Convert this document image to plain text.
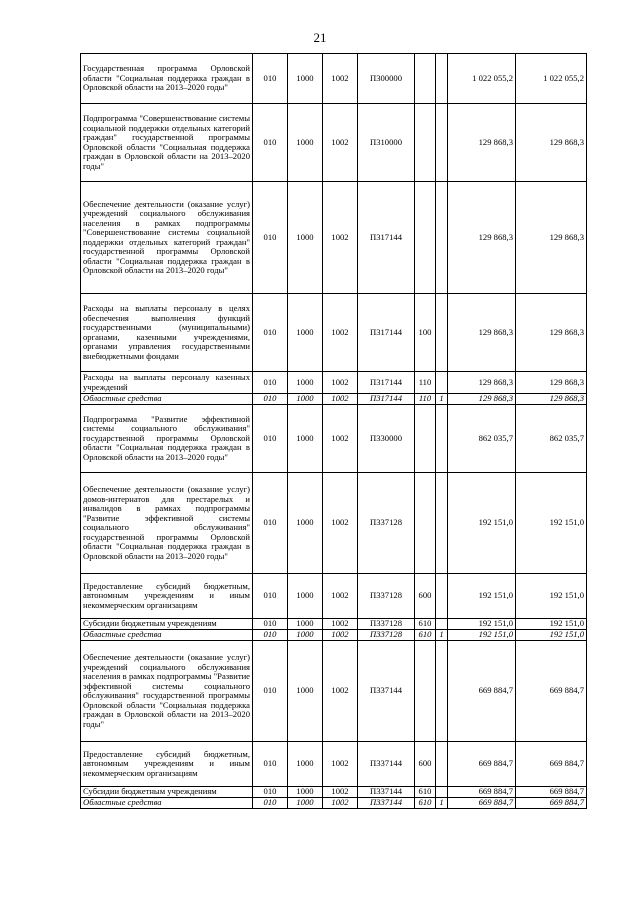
21
Государственная программа Орловской области "Социальная поддержка граждан в Орловской области на 2013–2020 годы"	010	1000	1002	П300000			1 022 055,2	1 022 055,2
Подпрограмма "Совершенствование системы социальной поддержки отдельных категорий граждан" государственной программы Орловской области "Социальная поддержка граждан в Орловской области на 2013–2020 годы"	010	1000	1002	П310000			129 868,3	129 868,3
Обеспечение деятельности (оказание услуг) учреждений социального обслуживания населения в рамках подпрограммы "Совершенствование системы социальной поддержки отдельных категорий граждан" государственной программы Орловской области "Социальная поддержка граждан в Орловской области на 2013–2020 годы"	010	1000	1002	П317144			129 868,3	129 868,3
Расходы на выплаты персоналу в целях обеспечения выполнения функций государственными (муниципальными) органами, казенными учреждениями, органами управления государственными внебюджетными фондами	010	1000	1002	П317144	100		129 868,3	129 868,3
Расходы на выплаты персоналу казенных учреждений	010	1000	1002	П317144	110		129 868,3	129 868,3
Областные средства	010	1000	1002	П317144	110	1	129 868,3	129 868,3
Подпрограмма "Развитие эффективной системы социального обслуживания" государственной программы Орловской области "Социальная поддержка граждан в Орловской области на 2013–2020 годы"	010	1000	1002	П330000			862 035,7	862 035,7
Обеспечение деятельности (оказание услуг) домов-интернатов для престарелых и инвалидов в рамках подпрограммы "Развитие эффективной системы социального обслуживания" государственной программы Орловской области "Социальная поддержка граждан в Орловской области на 2013–2020 годы"	010	1000	1002	П337128			192 151,0	192 151,0
Предоставление субсидий бюджетным, автономным учреждениям и иным некоммерческим организациям	010	1000	1002	П337128	600		192 151,0	192 151,0
Субсидии бюджетным учреждениям	010	1000	1002	П337128	610		192 151,0	192 151,0
Областные средства	010	1000	1002	П337128	610	1	192 151,0	192 151,0
Обеспечение деятельности (оказание услуг) учреждений социального обслуживания населения в рамках подпрограммы "Развитие эффективной системы социального обслуживания" государственной программы Орловской области "Социальная поддержка граждан в Орловской области на 2013–2020 годы"	010	1000	1002	П337144			669 884,7	669 884,7
Предоставление субсидий бюджетным, автономным учреждениям и иным некоммерческим организациям	010	1000	1002	П337144	600		669 884,7	669 884,7
Субсидии бюджетным учреждениям	010	1000	1002	П337144	610		669 884,7	669 884,7
Областные средства	010	1000	1002	П337144	610	1	669 884,7	669 884,7
